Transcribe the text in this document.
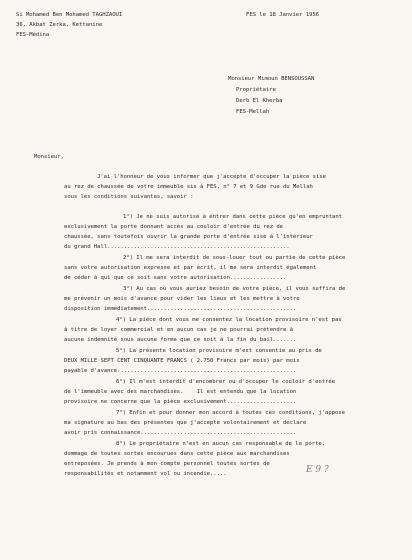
Si Mohamed Ben Mohamed TAGHZAOUI
36, Akbat Zerka, Kettanine
FES-Médina
FES le 18 Janvier 1956
Monsieur Mimoun BENSOUSSAN
Propriétaire
Derb El Kherba
FES-Mellah
Monsieur,
J'ai l'honneur de vous informer que j'accepte d'occuper la pièce sise
au rez de chaussée de votre immeuble sis à FES, n° 7 et 9 Gde rue du Mellah
sous les conditions suivantes, savoir :
1°) Je ne suis autorisé à entrer dans cette pièce qu'en empruntant
exclusivement la porte donnant accès au couloir d'entrée du rez de
chaussée, sans toutefois ouvrir la grande porte d'entrée sise à l'intérieur
du grand Hall.......................................................
2°) Il me sera interdit de sous-louer tout ou partie de cette pièce
sans votre autorisation expresse et par écrit, il me sera interdit également
de céder à qui que ce soit sans votre autorisation.................
3°) Au cas où vous auriez besoin de votre pièce, il vous suffira de
me prévenir un mois d'avance pour vider les lieux et les mettre à votre
disposition immédiatement.............................................
4°) La pièce dont vous me consentez la location provisoire n'est pas
à titre de loyer commercial et en aucun cas je ne pourrai prétendre à
aucune indemnité sous aucune forme que ce soit à la fin du bail.......
5°) La présente location provisoire m'est consentie au prix de
DEUX MILLE SEPT CENT CINQUANTE FRANCS ( 2.750 Francs par mois) par mois
payable d'avance......................................................
6°) Il m'est interdit d'encombrer ou d'occuper le couloir d'entrée
de l'immeuble avec des marchandises.    Il est entendu que la location
provisoire ne concerne que la pièce exclusivement.....................
7°) Enfin et pour donner mon accord à toutes ces conditions, j'appose
ma signature au bas des présentes que j'accepte volontairement et déclare
avoir pris connaissance...............................................
8°) Le propriétaire n'est en aucun cas responsable de la porte,
dommage de toutes sortes encourues dans cette pièce aux marchandises
entreposées. Je prends à mon compte personnel toutes sortes de
responsabilités et notamment vol ou incendie.....	E 9 ?
